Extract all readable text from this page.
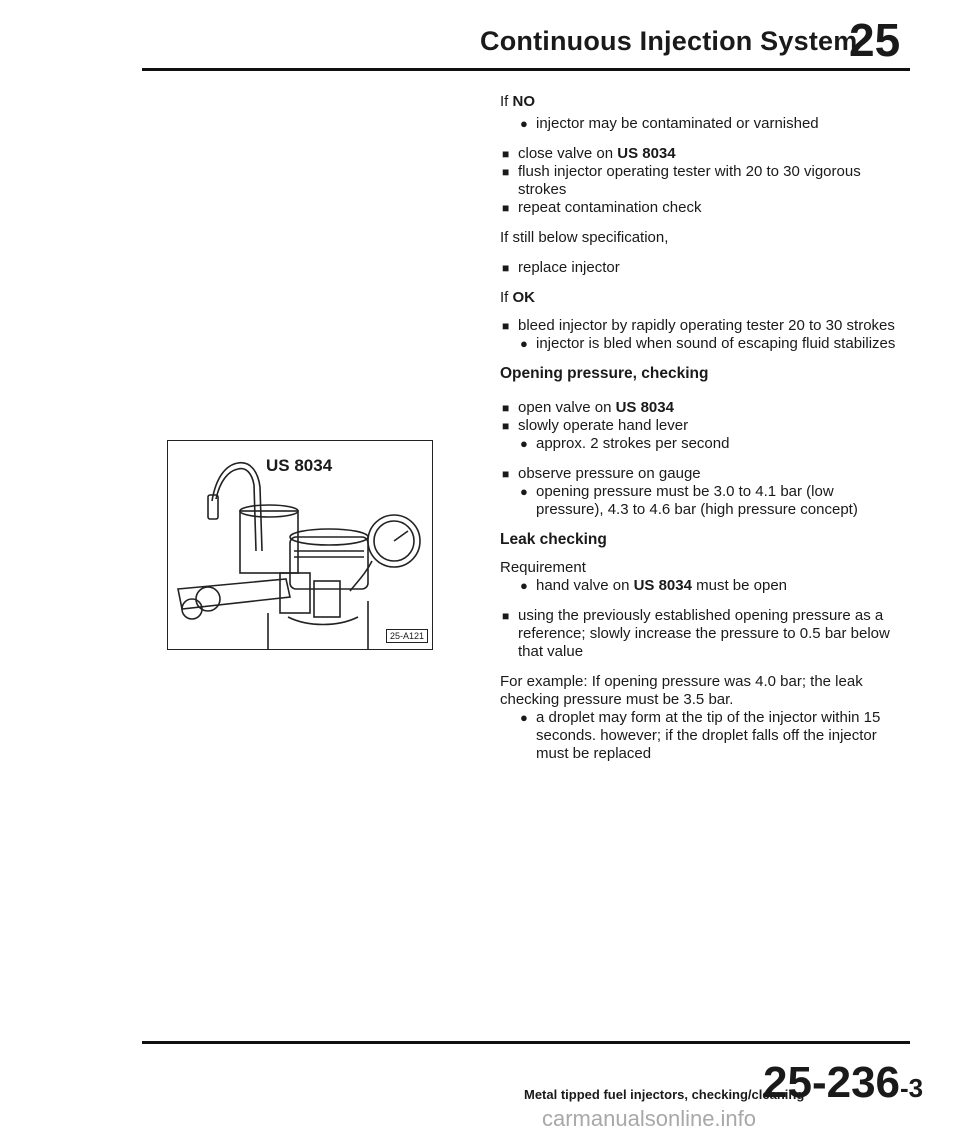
Continuous Injection System
25
US 8034
25-A121

If NO

● injector may be contaminated or varnished

■ close valve on US 8034

■ flush injector operating tester with 20 to 30 vigorous strokes

■ repeat contamination check

If still below specification,

■ replace injector

If OK

■ bleed injector by rapidly operating tester 20 to 30 strokes

● injector is bled when sound of escaping fluid stabilizes

Opening pressure, checking

■ open valve on US 8034

■ slowly operate hand lever

● approx. 2 strokes per second

■ observe pressure on gauge

● opening pressure must be 3.0 to 4.1 bar (low pressure), 4.3 to 4.6 bar (high pressure concept)

Leak checking

Requirement

● hand valve on US 8034 must be open

■ using the previously established opening pressure as a reference; slowly increase the pressure to 0.5 bar below that value

For example: If opening pressure was 4.0 bar; the leak checking pressure must be 3.5 bar.

● a droplet may form at the tip of the injector within 15 seconds. however; if the droplet falls off the injector must be replaced

Metal tipped fuel injectors, checking/cleaning
25-236-3
carmanualsonline.info
